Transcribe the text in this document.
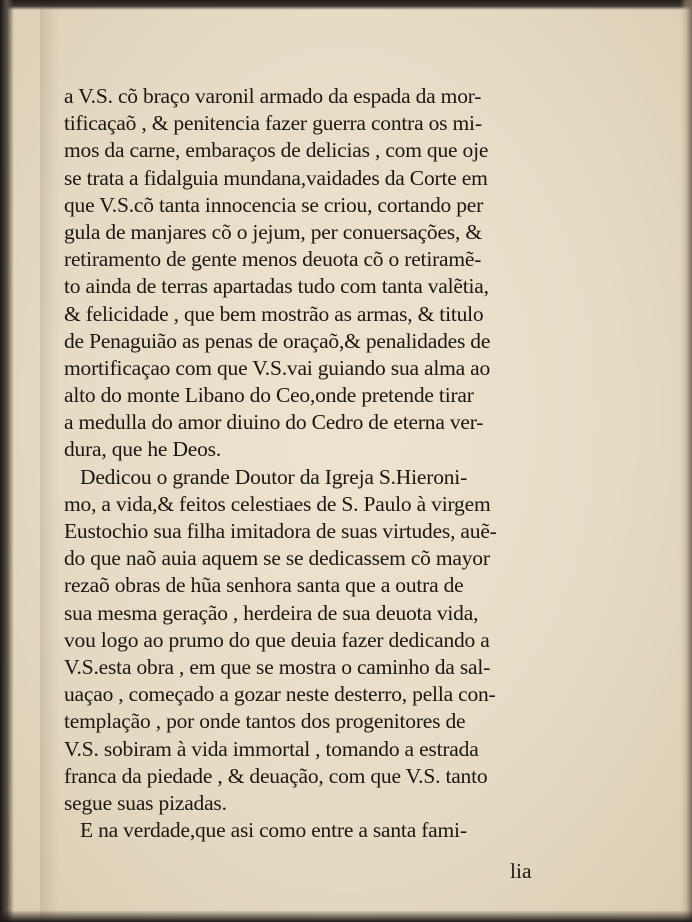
a V.S. cõ braço varonil armado da espada da mor-
tificaçaõ , & penitencia fazer guerra contra os mi-
mos da carne, embaraços de delicias , com que oje
se trata a fidalguia mundana,vaidades da Corte em
que V.S.cõ tanta innocencia se criou, cortando per
gula de manjares cõ o jejum, per conuersações, &
retiramento de gente menos deuota cõ o retiramẽ-
to ainda de terras apartadas tudo com tanta valẽtia,
& felicidade , que bem mostrão as armas, & titulo
de Penaguião as penas de oraçaõ,& penalidades de
mortificaçao com que V.S.vai guiando sua alma ao
alto do monte Libano do Ceo,onde pretende tirar
a medulla do amor diuino do Cedro de eterna ver-
dura, que he Deos.
Dedicou o grande Doutor da Igreja S.Hieroni-
mo, a vida,& feitos celestiaes de S. Paulo à virgem
Eustochio sua filha imitadora de suas virtudes, auẽ-
do que naõ auia aquem se se dedicassem cõ mayor
rezaõ obras de hũa senhora santa que a outra de
sua mesma geração , herdeira de sua deuota vida,
vou logo ao prumo do que deuia fazer dedicando a
V.S.esta obra , em que se mostra o caminho da sal-
uaçao , começado a gozar neste desterro, pella con-
templação , por onde tantos dos progenitores de
V.S. sobiram à vida immortal , tomando a estrada
franca da piedade , & deuação, com que V.S. tanto
segue suas pizadas.
E na verdade,que asi como entre a santa fami-
lia
